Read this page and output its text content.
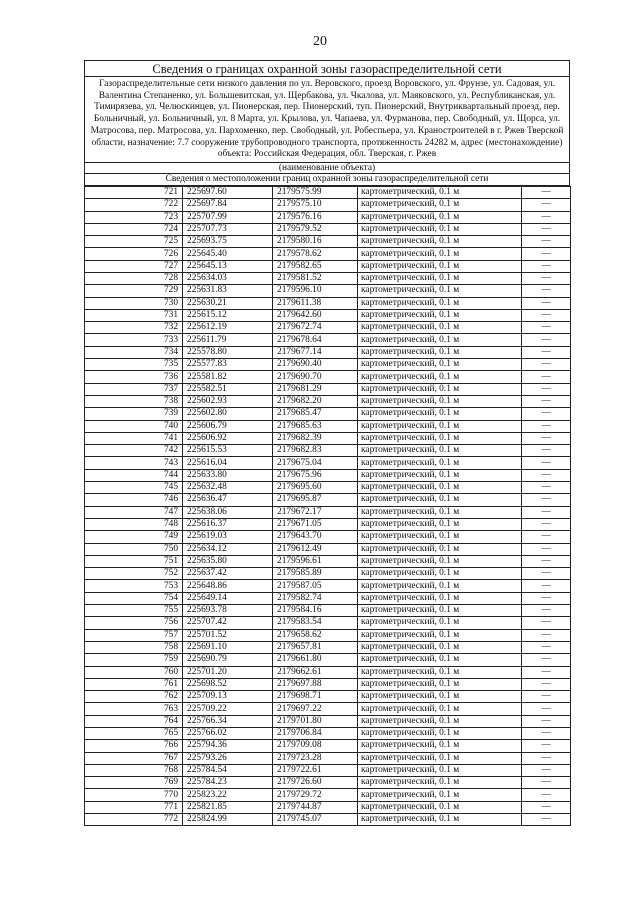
20
Сведения о границах охранной зоны газораспределительной сети
Газораспределительные сети низкого давления по ул. Веровского, проезд Воровского, ул. Фрунзе, ул. Садовая, ул. Валентина Степаненко, ул. Большевитская, ул. Щербакова, ул. Чкалова, ул. Маяковского, ул. Республиканская, ул. Тимирязева, ул. Челюскинцев, ул. Пионерская, пер. Пионерский, туп. Пионерский, Внутриквартальный проезд, пер. Больничный, ул. Больничный, ул. 8 Марта, ул. Крылова, ул. Чапаева, ул. Фурманова, пер. Свободный, ул. Щорса, ул. Матросова, пер. Матросова, ул. Пархоменко, пер. Свободный, ул. Робеспьера, ул. Краностроителей в г. Ржев Тверской области, назначение: 7.7 сооружение трубопроводного транспорта, протяженность 24282 м, адрес (местонахождение) объекта: Российская Федерация, обл. Тверская, г. Ржев
(наименование объекта)
Сведения о местоположении границ охранной зоны газораспределительной сети
721	225697.60	2179575.99	картометрический, 0.1 м	—
722	225697.84	2179575.10	картометрический, 0.1 м	—
723	225707.99	2179576.16	картометрический, 0.1 м	—
724	225707.73	2179579.52	картометрический, 0.1 м	—
725	225693.75	2179580.16	картометрический, 0.1 м	—
726	225645.40	2179578.62	картометрический, 0.1 м	—
727	225645.13	2179582.65	картометрический, 0.1 м	—
728	225634.03	2179581.52	картометрический, 0.1 м	—
729	225631.83	2179596.10	картометрический, 0.1 м	—
730	225630.21	2179611.38	картометрический, 0.1 м	—
731	225615.12	2179642.60	картометрический, 0.1 м	—
732	225612.19	2179672.74	картометрический, 0.1 м	—
733	225611.79	2179678.64	картометрический, 0.1 м	—
734	225578.80	2179677.14	картометрический, 0.1 м	—
735	225577.83	2179690.40	картометрический, 0.1 м	—
736	225581.82	2179690.70	картометрический, 0.1 м	—
737	225582.51	2179681.29	картометрический, 0.1 м	—
738	225602.93	2179682.20	картометрический, 0.1 м	—
739	225602.80	2179685.47	картометрический, 0.1 м	—
740	225606.79	2179685.63	картометрический, 0.1 м	—
741	225606.92	2179682.39	картометрический, 0.1 м	—
742	225615.53	2179682.83	картометрический, 0.1 м	—
743	225616.04	2179675.04	картометрический, 0.1 м	—
744	225633.80	2179675.96	картометрический, 0.1 м	—
745	225632.48	2179695.60	картометрический, 0.1 м	—
746	225636.47	2179695.87	картометрический, 0.1 м	—
747	225638.06	2179672.17	картометрический, 0.1 м	—
748	225616.37	2179671.05	картометрический, 0.1 м	—
749	225619.03	2179643.70	картометрический, 0.1 м	—
750	225634.12	2179612.49	картометрический, 0.1 м	—
751	225635.80	2179596.61	картометрический, 0.1 м	—
752	225637.42	2179585.89	картометрический, 0.1 м	—
753	225648.86	2179587.05	картометрический, 0.1 м	—
754	225649.14	2179582.74	картометрический, 0.1 м	—
755	225693.78	2179584.16	картометрический, 0.1 м	—
756	225707.42	2179583.54	картометрический, 0.1 м	—
757	225701.52	2179658.62	картометрический, 0.1 м	—
758	225691.10	2179657.81	картометрический, 0.1 м	—
759	225690.79	2179661.80	картометрический, 0.1 м	—
760	225701.20	2179662.61	картометрический, 0.1 м	—
761	225698.52	2179697.88	картометрический, 0.1 м	—
762	225709.13	2179698.71	картометрический, 0.1 м	—
763	225709.22	2179697.22	картометрический, 0.1 м	—
764	225766.34	2179701.80	картометрический, 0.1 м	—
765	225766.02	2179706.84	картометрический, 0.1 м	—
766	225794.36	2179709.08	картометрический, 0.1 м	—
767	225793.26	2179723.28	картометрический, 0.1 м	—
768	225784.54	2179722.61	картометрический, 0.1 м	—
769	225784.23	2179726.60	картометрический, 0.1 м	—
770	225823.22	2179729.72	картометрический, 0.1 м	—
771	225821.85	2179744.87	картометрический, 0.1 м	—
772	225824.99	2179745.07	картометрический, 0.1 м	—
